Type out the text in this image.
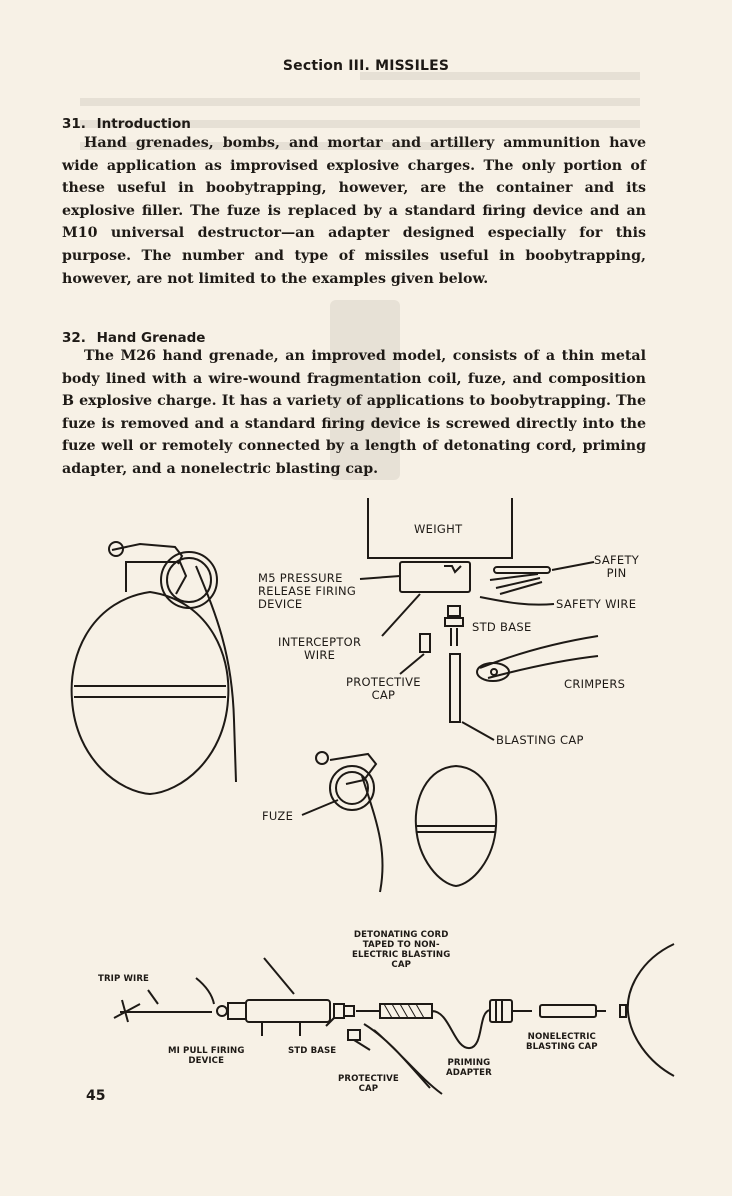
Section III. MISSILES

31. Introduction

Hand grenades, bombs, and mortar and artillery ammunition have wide application as improvised explosive charges. The only portion of these useful in boobytrapping, however, are the container and its explosive filler. The fuze is replaced by a standard firing device and an M10 universal destructor—an adapter designed especially for this purpose. The number and type of missiles useful in boobytrapping, however, are not limited to the examples given below.

32. Hand Grenade

The M26 hand grenade, an improved model, consists of a thin metal body lined with a wire-wound fragmentation coil, fuze, and composition B explosive charge. It has a variety of applications to boobytrapping. The fuze is removed and a standard firing device is screwed directly into the fuze well or remotely connected by a length of detonating cord, priming adapter, and a nonelectric blasting cap.

WEIGHT
M5 PRESSURE
RELEASE FIRING
DEVICE
SAFETY
PIN
SAFETY WIRE
INTERCEPTOR
WIRE
STD BASE
PROTECTIVE
CAP
CRIMPERS
BLASTING CAP
FUZE
DETONATING CORD
TAPED TO NON-
ELECTRIC BLASTING
CAP
TRIP WIRE
MI PULL FIRING
DEVICE
STD BASE
PROTECTIVE
CAP
PRIMING
ADAPTER
NONELECTRIC
BLASTING CAP

45
